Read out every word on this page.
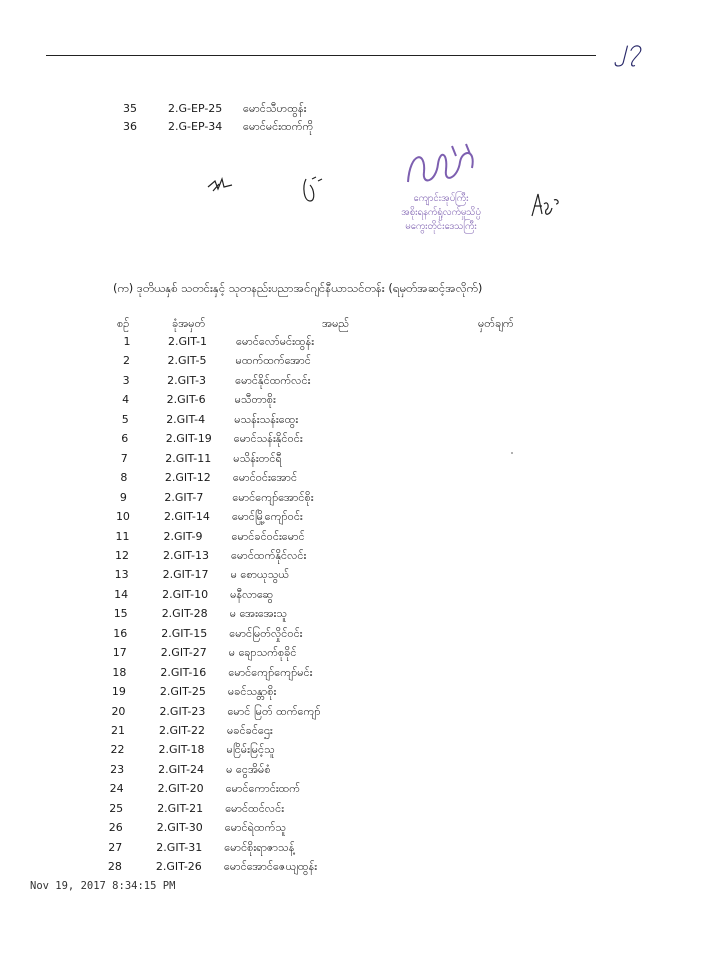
၂၇
35	2.G-EP-25 မောင်သီဟထွန်း
36	2.G-EP-34 မောင်မင်းထက်ကို
ကျောင်းအုပ်ကြီး
အစိုးရနက်ရှုံလက်မှုသိပ္ပံ
မကွေးတိုင်းဒေသကြီး
(က) ဒုတိယနှစ် သတင်းနှင့် သုတနည်းပညာအင်ဂျင်နီယာသင်တန်း (ရမှတ်အဆင့်အလိုက်)
စဉ်	ခုံအမှတ်	အမည်	မှတ်ချက်
1	2.GIT-1	မောင်လော်မင်းထွန်း
2	2.GIT-5	မထက်ထက်အောင်
3	2.GIT-3	မောင်နိုင်ထက်လင်း
4	2.GIT-6	မသီတာစိုး
5	2.GIT-4	မသန်းသန်းထွေး
6	2.GIT-19	မောင်သန်းနိုင်ဝင်း
7	2.GIT-11	မသိန်းတင်ရီ
8	2.GIT-12	မောင်ဝင်းအောင်
9	2.GIT-7	မောင်ကျော်အောင်စိုး
10	2.GIT-14	မောင်မြို့ကျော်ဝင်း
11	2.GIT-9	မောင်ခင်ဝင်းမောင်
12	2.GIT-13	မောင်ထက်နိုင်လင်း
13	2.GIT-17	မ စောယုသွယ်
14	2.GIT-10	မနီလာဆွေ
15	2.GIT-28	မ အေးအေးသူ
16	2.GIT-15	မောင်မြတ်လှိုင်ဝင်း
17	2.GIT-27	မ ချောသက်စုခိုင်
18	2.GIT-16	မောင်ကျော်ကျော်မင်း
19	2.GIT-25	မခင်သန္တာစိုး
20	2.GIT-23	မောင် မြတ် ထက်ကျော်
21	2.GIT-22	မခင်ခင်ဌေး
22	2.GIT-18	မငြိမ်းမြင့်သူ
23	2.GIT-24	မ ငွေအိမ်စံ
24	2.GIT-20	မောင်ကောင်းထက်
25	2.GIT-21	မောင်ထင်လင်း
26	2.GIT-30	မောင်ရဲထက်သူ
27	2.GIT-31	မောင်စိုးရာဇာသန့်
28	2.GIT-26	မောင်အောင်ဇေယျထွန်း
Nov 19, 2017 8:34:15 PM
